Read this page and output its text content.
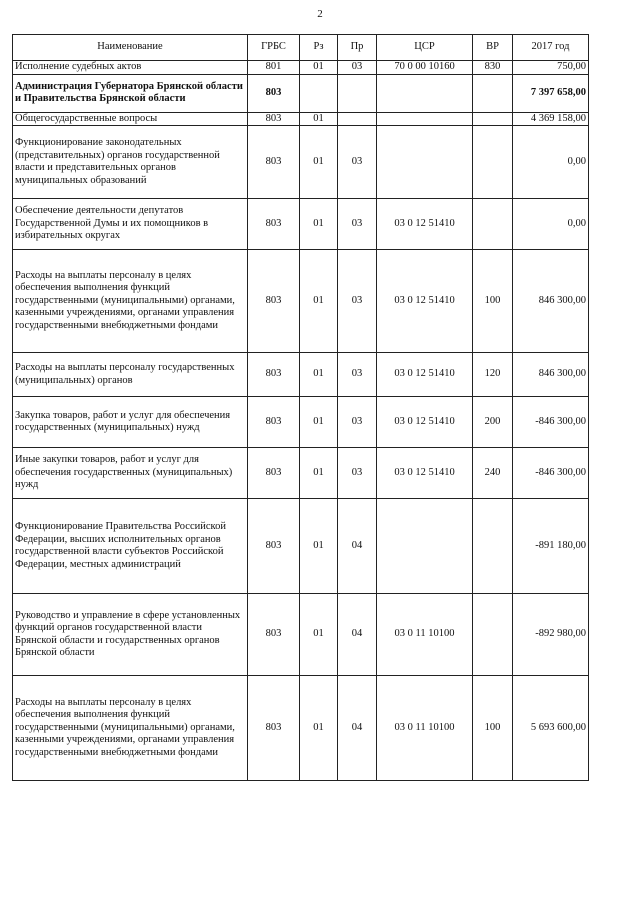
2
Наименование	ГРБС	Рз	Пр	ЦСР	ВР	2017 год
Исполнение судебных актов	801	01	03	70 0 00 10160	830	750,00
Администрация Губернатора Брянской области и Правительства Брянской области	803					7 397 658,00
Общегосударственные вопросы	803	01				4 369 158,00
Функционирование законодательных (представительных) органов государственной власти и представительных органов муниципальных образований	803	01	03			0,00
Обеспечение деятельности депутатов Государственной Думы и их помощников в избирательных округах	803	01	03	03 0 12 51410		0,00
Расходы на выплаты персоналу в целях обеспечения выполнения функций государственными (муниципальными) органами, казенными учреждениями, органами управления государственными внебюджетными фондами	803	01	03	03 0 12 51410	100	846 300,00
Расходы на выплаты персоналу государственных (муниципальных) органов	803	01	03	03 0 12 51410	120	846 300,00
Закупка товаров, работ и услуг для обеспечения государственных (муниципальных) нужд	803	01	03	03 0 12 51410	200	-846 300,00
Иные закупки товаров, работ и услуг для обеспечения государственных (муниципальных) нужд	803	01	03	03 0 12 51410	240	-846 300,00
Функционирование Правительства Российской Федерации, высших исполнительных органов государственной власти субъектов Российской Федерации, местных администраций	803	01	04			-891 180,00
Руководство и управление в сфере установленных функций органов государственной власти Брянской области и государственных органов Брянской области	803	01	04	03 0 11 10100		-892 980,00
Расходы на выплаты персоналу в целях обеспечения выполнения функций государственными (муниципальными) органами, казенными учреждениями, органами управления государственными внебюджетными фондами	803	01	04	03 0 11 10100	100	5 693 600,00
